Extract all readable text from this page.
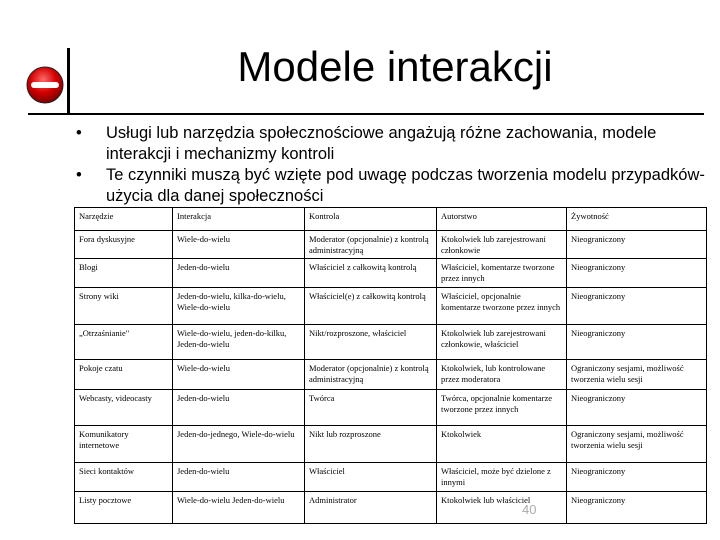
Modele interakcji
• Usługi lub narzędzia społecznościowe angażują różne zachowania, modele interakcji i mechanizmy kontroli
• Te czynniki muszą być wzięte pod uwagę podczas tworzenia modelu przypadków-użycia dla danej społeczności
Narzędzie	Interakcja	Kontrola	Autorstwo	Żywotność
Fora dyskusyjne	Wiele-do-wielu	Moderator (opcjonalnie) z kontrolą administracyjną	Ktokolwiek lub zarejestrowani członkowie	Nieograniczony
Blogi	Jeden-do-wielu	Właściciel z całkowitą kontrolą	Właściciel, komentarze tworzone przez innych	Nieograniczony
Strony wiki	Jeden-do-wielu, kilka-do-wielu, Wiele-do-wielu	Właściciel(e) z całkowitą kontrolą	Właściciel, opcjonalnie komentarze tworzone przez innych	Nieograniczony
„Otrzaśnianie"	Wiele-do-wielu, jeden-do-kilku, Jeden-do-wielu	Nikt/rozproszone, właściciel	Ktokolwiek lub zarejestrowani członkowie, właściciel	Nieograniczony
Pokoje czatu	Wiele-do-wielu	Moderator (opcjonalnie) z kontrolą administracyjną	Ktokolwiek, lub kontrolowane przez moderatora	Ograniczony sesjami, możliwość tworzenia wielu sesji
Webcasty, videocasty	Jeden-do-wielu	Twórca	Twórca, opcjonalnie komentarze tworzone przez innych	Nieograniczony
Komunikatory internetowe	Jeden-do-jednego, Wiele-do-wielu	Nikt lub rozproszone	Ktokolwiek	Ograniczony sesjami, możliwość tworzenia wielu sesji
Sieci kontaktów	Jeden-do-wielu	Właściciel	Właściciel, może być dzielone z innymi	Nieograniczony
Listy pocztowe	Wiele-do-wielu Jeden-do-wielu	Administrator	Ktokolwiek lub właściciel	Nieograniczony
40
